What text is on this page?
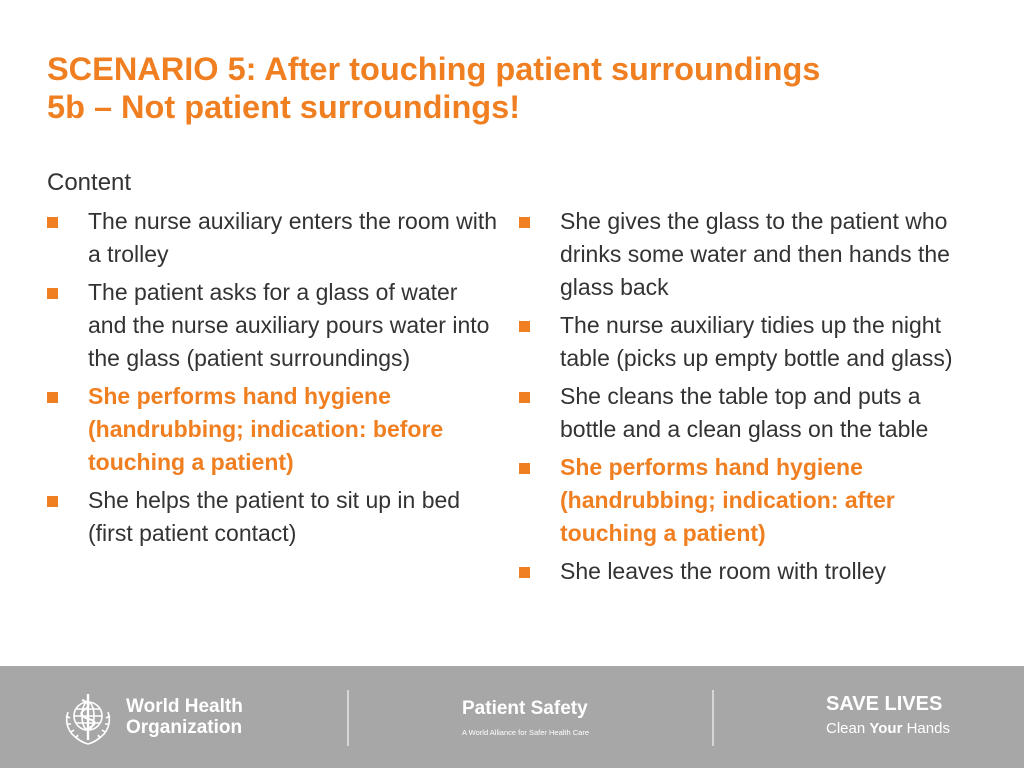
SCENARIO 5: After touching patient surroundings
5b – Not patient surroundings!
Content
The nurse auxiliary enters the room with a trolley
The patient asks for a glass of water and the nurse auxiliary pours water into the glass (patient surroundings)
She performs hand hygiene (handrubbing; indication: before touching a patient)
She helps the patient to sit up in bed (first patient contact)
She gives the glass to the patient who drinks some water and then hands the glass back
The nurse auxiliary tidies up the night table (picks up empty bottle and glass)
She cleans the table top and puts a bottle and a clean glass on the table
She performs hand hygiene (handrubbing; indication: after touching a patient)
She leaves the room with trolley
World Health
Organization
Patient Safety
A World Alliance for Safer Health Care
SAVE LIVES
Clean Your Hands
